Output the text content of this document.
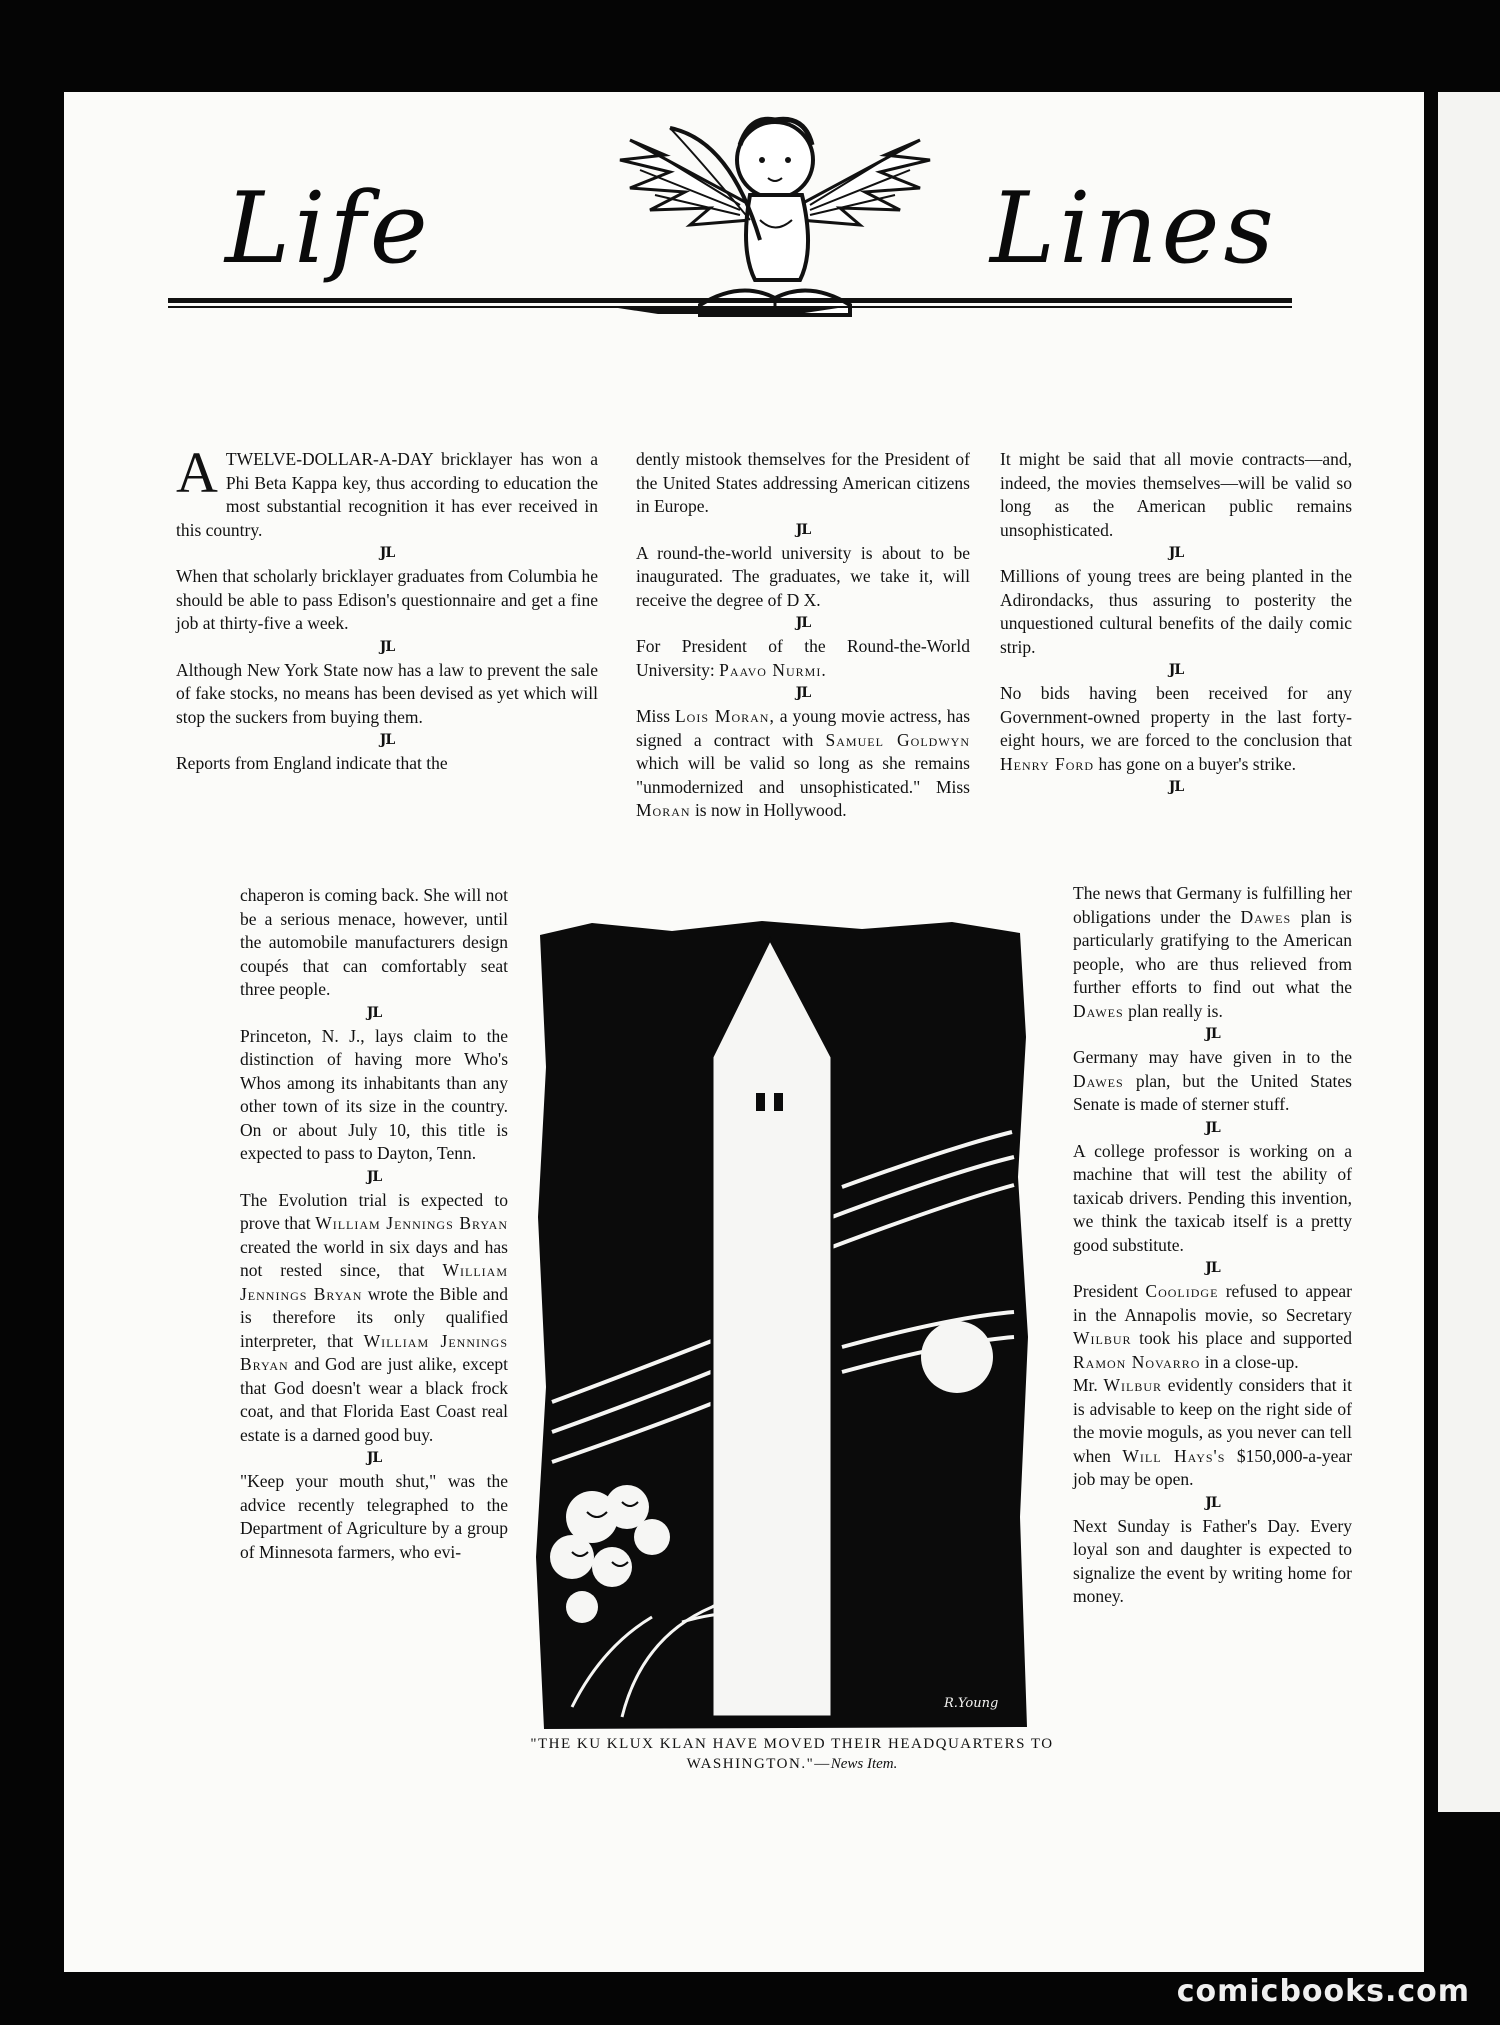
Life	Lines

ATWELVE-DOLLAR-A-DAY bricklayer has won a Phi Beta Kappa key, thus according to education the most substantial recognition it has ever received in this country.

JL

When that scholarly bricklayer graduates from Columbia he should be able to pass Edison's questionnaire and get a fine job at thirty-five a week.

JL

Although New York State now has a law to prevent the sale of fake stocks, no means has been devised as yet which will stop the suckers from buying them.

JL

Reports from England indicate that the

chaperon is coming back. She will not be a serious menace, however, until the automobile manufacturers design coupés that can comfortably seat three people.

JL

Princeton, N. J., lays claim to the distinction of having more Who's Whos among its inhabitants than any other town of its size in the country. On or about July 10, this title is expected to pass to Dayton, Tenn.

JL

The Evolution trial is expected to prove that William Jennings Bryan created the world in six days and has not rested since, that William Jennings Bryan wrote the Bible and is therefore its only qualified interpreter, that William Jennings Bryan and God are just alike, except that God doesn't wear a black frock coat, and that Florida East Coast real estate is a darned good buy.

JL

"Keep your mouth shut," was the advice recently telegraphed to the Department of Agriculture by a group of Minnesota farmers, who evi-

dently mistook themselves for the President of the United States addressing American citizens in Europe.

JL

A round-the-world university is about to be inaugurated. The graduates, we take it, will receive the degree of D X.

JL

For President of the Round-the-World University: Paavo Nurmi.

JL

Miss Lois Moran, a young movie actress, has signed a contract with Samuel Goldwyn which will be valid so long as she remains "unmodernized and unsophisticated." Miss Moran is now in Hollywood.

It might be said that all movie contracts—and, indeed, the movies themselves—will be valid so long as the American public remains unsophisticated.

JL

Millions of young trees are being planted in the Adirondacks, thus assuring to posterity the unquestioned cultural benefits of the daily comic strip.

JL

No bids having been received for any Government-owned property in the last forty-eight hours, we are forced to the conclusion that Henry Ford has gone on a buyer's strike.

JL

The news that Germany is fulfilling her obligations under the Dawes plan is particularly gratifying to the American people, who are thus relieved from further efforts to find out what the Dawes plan really is.

JL

Germany may have given in to the Dawes plan, but the United States Senate is made of sterner stuff.

JL

A college professor is working on a machine that will test the ability of taxicab drivers. Pending this invention, we think the taxicab itself is a pretty good substitute.

JL

President Coolidge refused to appear in the Annapolis movie, so Secretary Wilbur took his place and supported Ramon Novarro in a close-up.

Mr. Wilbur evidently considers that it is advisable to keep on the right side of the movie moguls, as you never can tell when Will Hays's $150,000-a-year job may be open.

JL

Next Sunday is Father's Day. Every loyal son and daughter is expected to signalize the event by writing home for money.

R.Young
"THE KU KLUX KLAN HAVE MOVED THEIR HEADQUARTERS TO WASHINGTON."—News Item.
comicbooks.com
